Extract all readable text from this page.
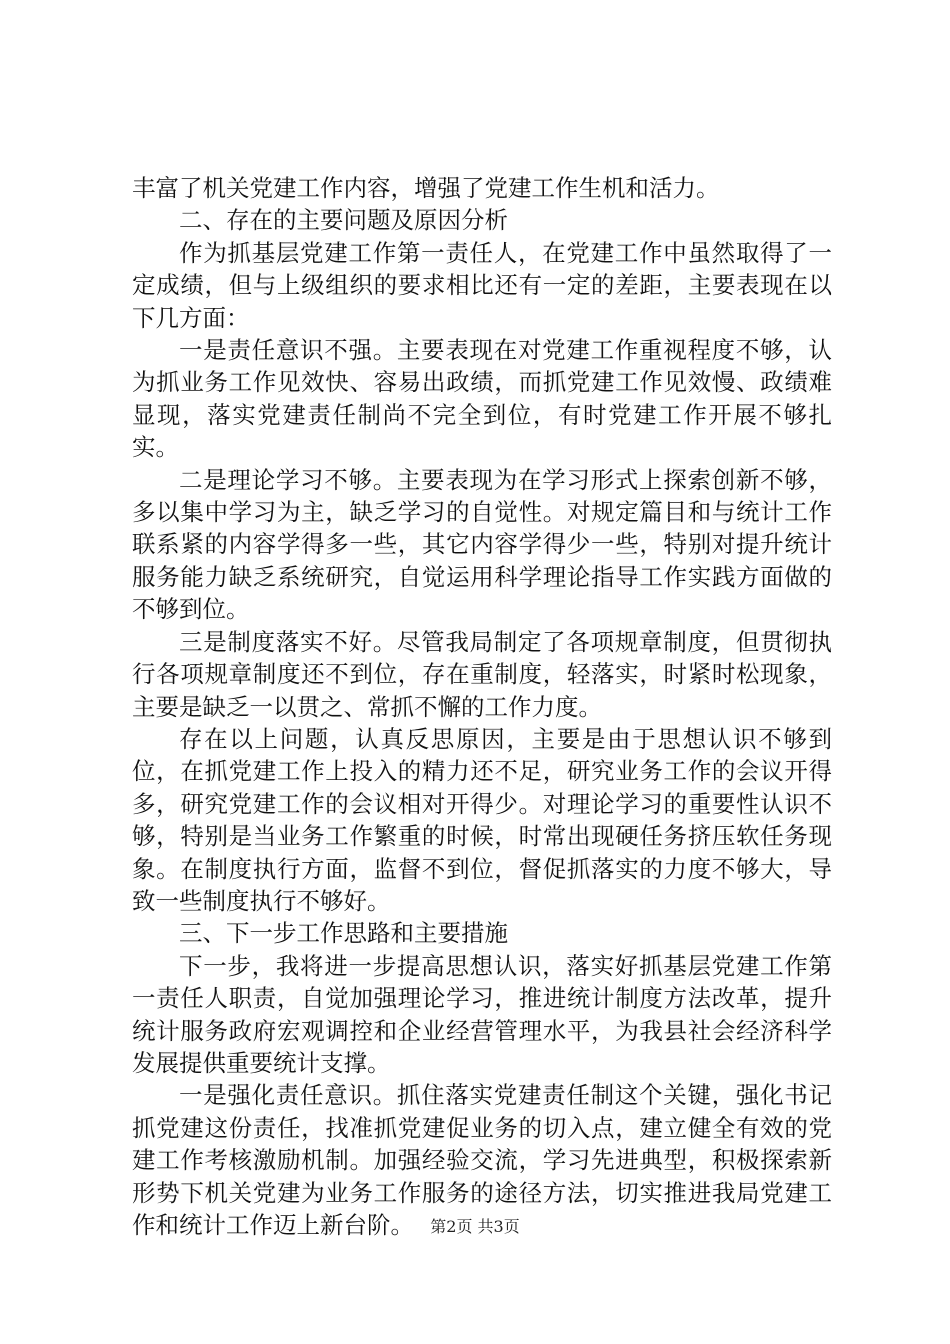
丰富了机关党建工作内容，增强了党建工作生机和活力。

二、存在的主要问题及原因分析

作为抓基层党建工作第一责任人，在党建工作中虽然取得了一定成绩，但与上级组织的要求相比还有一定的差距，主要表现在以下几方面：

一是责任意识不强。主要表现在对党建工作重视程度不够，认为抓业务工作见效快、容易出政绩，而抓党建工作见效慢、政绩难显现，落实党建责任制尚不完全到位，有时党建工作开展不够扎实。

二是理论学习不够。主要表现为在学习形式上探索创新不够，多以集中学习为主，缺乏学习的自觉性。对规定篇目和与统计工作联系紧的内容学得多一些，其它内容学得少一些，特别对提升统计服务能力缺乏系统研究，自觉运用科学理论指导工作实践方面做的不够到位。

三是制度落实不好。尽管我局制定了各项规章制度，但贯彻执行各项规章制度还不到位，存在重制度，轻落实，时紧时松现象，主要是缺乏一以贯之、常抓不懈的工作力度。

存在以上问题，认真反思原因，主要是由于思想认识不够到位，在抓党建工作上投入的精力还不足，研究业务工作的会议开得多，研究党建工作的会议相对开得少。对理论学习的重要性认识不够，特别是当业务工作繁重的时候，时常出现硬任务挤压软任务现象。在制度执行方面，监督不到位，督促抓落实的力度不够大，导致一些制度执行不够好。

三、下一步工作思路和主要措施

下一步，我将进一步提高思想认识，落实好抓基层党建工作第一责任人职责，自觉加强理论学习，推进统计制度方法改革，提升统计服务政府宏观调控和企业经营管理水平，为我县社会经济科学发展提供重要统计支撑。

一是强化责任意识。抓住落实党建责任制这个关键，强化书记抓党建这份责任，找准抓党建促业务的切入点，建立健全有效的党建工作考核激励机制。加强经验交流，学习先进典型，积极探索新形势下机关党建为业务工作服务的途径方法，切实推进我局党建工作和统计工作迈上新台阶。	第2页 共3页
